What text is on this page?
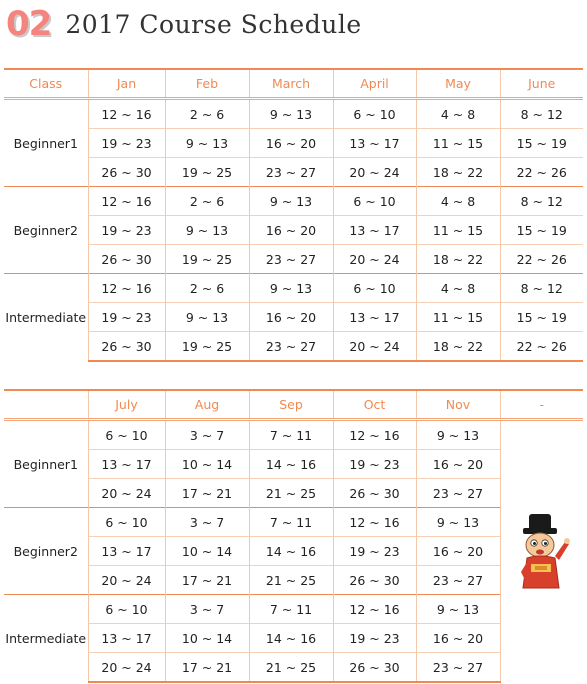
02 2017 Course Schedule
Class	Jan	Feb	March	April	May	June
Beginner1	12 ~ 16	2 ~ 6	9 ~ 13	6 ~ 10	4 ~ 8	8 ~ 12
	19 ~ 23	9 ~ 13	16 ~ 20	13 ~ 17	11 ~ 15	15 ~ 19
	26 ~ 30	19 ~ 25	23 ~ 27	20 ~ 24	18 ~ 22	22 ~ 26
Beginner2	12 ~ 16	2 ~ 6	9 ~ 13	6 ~ 10	4 ~ 8	8 ~ 12
	19 ~ 23	9 ~ 13	16 ~ 20	13 ~ 17	11 ~ 15	15 ~ 19
	26 ~ 30	19 ~ 25	23 ~ 27	20 ~ 24	18 ~ 22	22 ~ 26
Intermediate	12 ~ 16	2 ~ 6	9 ~ 13	6 ~ 10	4 ~ 8	8 ~ 12
	19 ~ 23	9 ~ 13	16 ~ 20	13 ~ 17	11 ~ 15	15 ~ 19
	26 ~ 30	19 ~ 25	23 ~ 27	20 ~ 24	18 ~ 22	22 ~ 26
	July	Aug	Sep	Oct	Nov	-
Beginner1	6 ~ 10	3 ~ 7	7 ~ 11	12 ~ 16	9 ~ 13	

	13 ~ 17	10 ~ 14	14 ~ 16	19 ~ 23	16 ~ 20	
	20 ~ 24	17 ~ 21	21 ~ 25	26 ~ 30	23 ~ 27	
Beginner2	6 ~ 10	3 ~ 7	7 ~ 11	12 ~ 16	9 ~ 13	
	13 ~ 17	10 ~ 14	14 ~ 16	19 ~ 23	16 ~ 20	
	20 ~ 24	17 ~ 21	21 ~ 25	26 ~ 30	23 ~ 27	
Intermediate	6 ~ 10	3 ~ 7	7 ~ 11	12 ~ 16	9 ~ 13	
	13 ~ 17	10 ~ 14	14 ~ 16	19 ~ 23	16 ~ 20	
	20 ~ 24	17 ~ 21	21 ~ 25	26 ~ 30	23 ~ 27	
